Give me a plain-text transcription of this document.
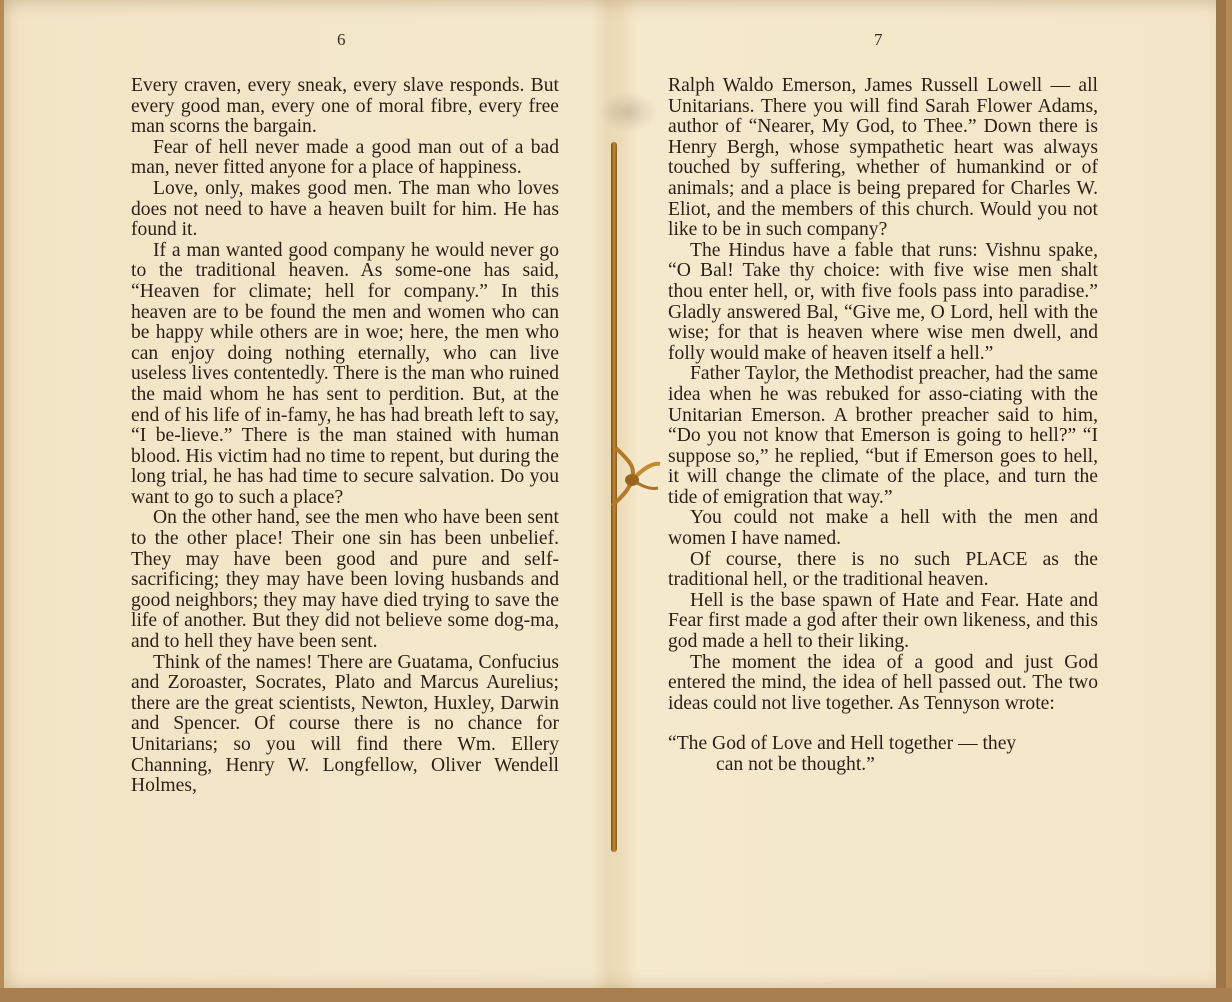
6

Every craven, every sneak, every slave responds. But every good man, every one of moral fibre, every free man scorns the bargain.

Fear of hell never made a good man out of a bad man, never fitted anyone for a place of happiness.

Love, only, makes good men. The man who loves does not need to have a heaven built for him. He has found it.

If a man wanted good company he would never go to the traditional heaven. As some-one has said, “Heaven for climate; hell for company.” In this heaven are to be found the men and women who can be happy while others are in woe; here, the men who can enjoy doing nothing eternally, who can live useless lives contentedly. There is the man who ruined the maid whom he has sent to perdition. But, at the end of his life of in-famy, he has had breath left to say, “I be-lieve.” There is the man stained with human blood. His victim had no time to repent, but during the long trial, he has had time to secure salvation. Do you want to go to such a place?

On the other hand, see the men who have been sent to the other place! Their one sin has been unbelief. They may have been good and pure and self-sacrificing; they may have been loving husbands and good neighbors; they may have died trying to save the life of another. But they did not believe some dog-ma, and to hell they have been sent.

Think of the names! There are Guatama, Confucius and Zoroaster, Socrates, Plato and Marcus Aurelius; there are the great scientists, Newton, Huxley, Darwin and Spencer. Of course there is no chance for Unitarians; so you will find there Wm. Ellery Channing, Henry W. Longfellow, Oliver Wendell Holmes,

7

Ralph Waldo Emerson, James Russell Lowell — all Unitarians. There you will find Sarah Flower Adams, author of “Nearer, My God, to Thee.” Down there is Henry Bergh, whose sympathetic heart was always touched by suffering, whether of humankind or of animals; and a place is being prepared for Charles W. Eliot, and the members of this church. Would you not like to be in such company?

The Hindus have a fable that runs: Vishnu spake, “O Bal! Take thy choice: with five wise men shalt thou enter hell, or, with five fools pass into paradise.” Gladly answered Bal, “Give me, O Lord, hell with the wise; for that is heaven where wise men dwell, and folly would make of heaven itself a hell.”

Father Taylor, the Methodist preacher, had the same idea when he was rebuked for asso-ciating with the Unitarian Emerson. A brother preacher said to him, “Do you not know that Emerson is going to hell?” “I suppose so,” he replied, “but if Emerson goes to hell, it will change the climate of the place, and turn the tide of emigration that way.”

You could not make a hell with the men and women I have named.

Of course, there is no such PLACE as the traditional hell, or the traditional heaven.

Hell is the base spawn of Hate and Fear. Hate and Fear first made a god after their own likeness, and this god made a hell to their liking.

The moment the idea of a good and just God entered the mind, the idea of hell passed out. The two ideas could not live together. As Tennyson wrote:

“The God of Love and Hell together — they
can not be thought.”
